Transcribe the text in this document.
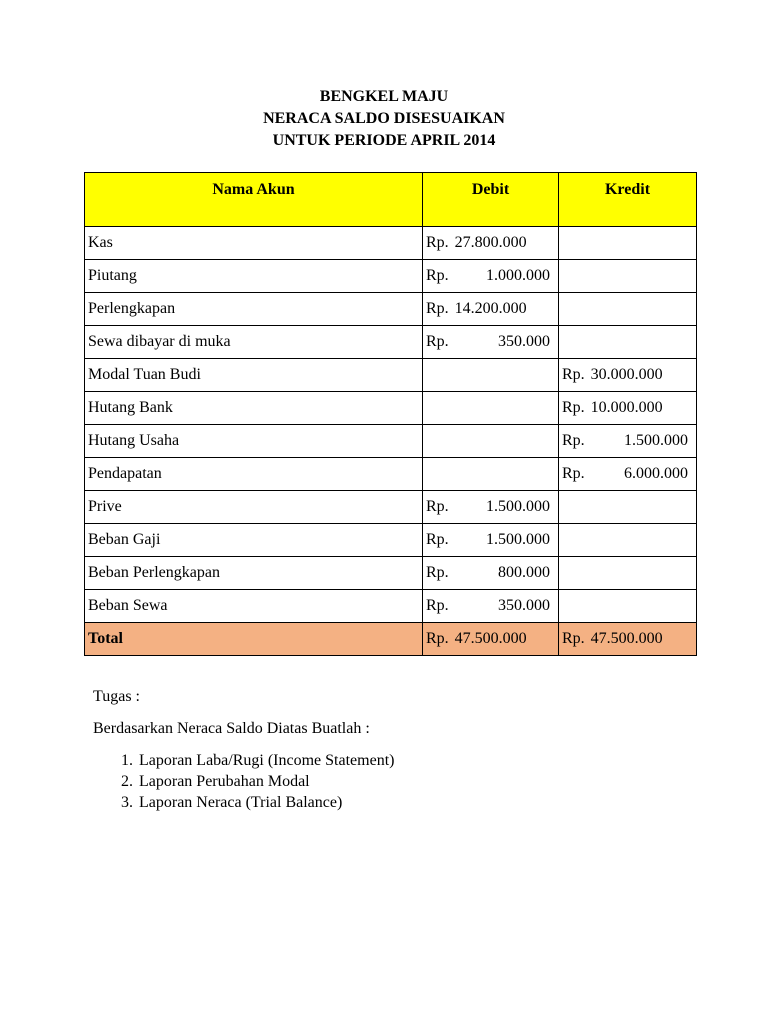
BENGKEL MAJU
NERACA SALDO DISESUAIKAN
UNTUK PERIODE APRIL 2014
Nama Akun	Debit	Kredit
Kas	Rp. 27.800.000	

Piutang	Rp. 1.000.000	

Perlengkapan	Rp. 14.200.000	

Sewa dibayar di muka	Rp. 350.000	

Modal Tuan Budi		Rp. 30.000.000

Hutang Bank		Rp. 10.000.000

Hutang Usaha		Rp. 1.500.000

Pendapatan		Rp. 6.000.000

Prive	Rp. 1.500.000	

Beban Gaji	Rp. 1.500.000	

Beban Perlengkapan	Rp. 800.000	

Beban Sewa	Rp. 350.000	

Total	Rp. 47.500.000	Rp. 47.500.000
Tugas :
Berdasarkan Neraca Saldo Diatas Buatlah :
1. Laporan Laba/Rugi (Income Statement)
2. Laporan Perubahan Modal
3. Laporan Neraca (Trial Balance)
